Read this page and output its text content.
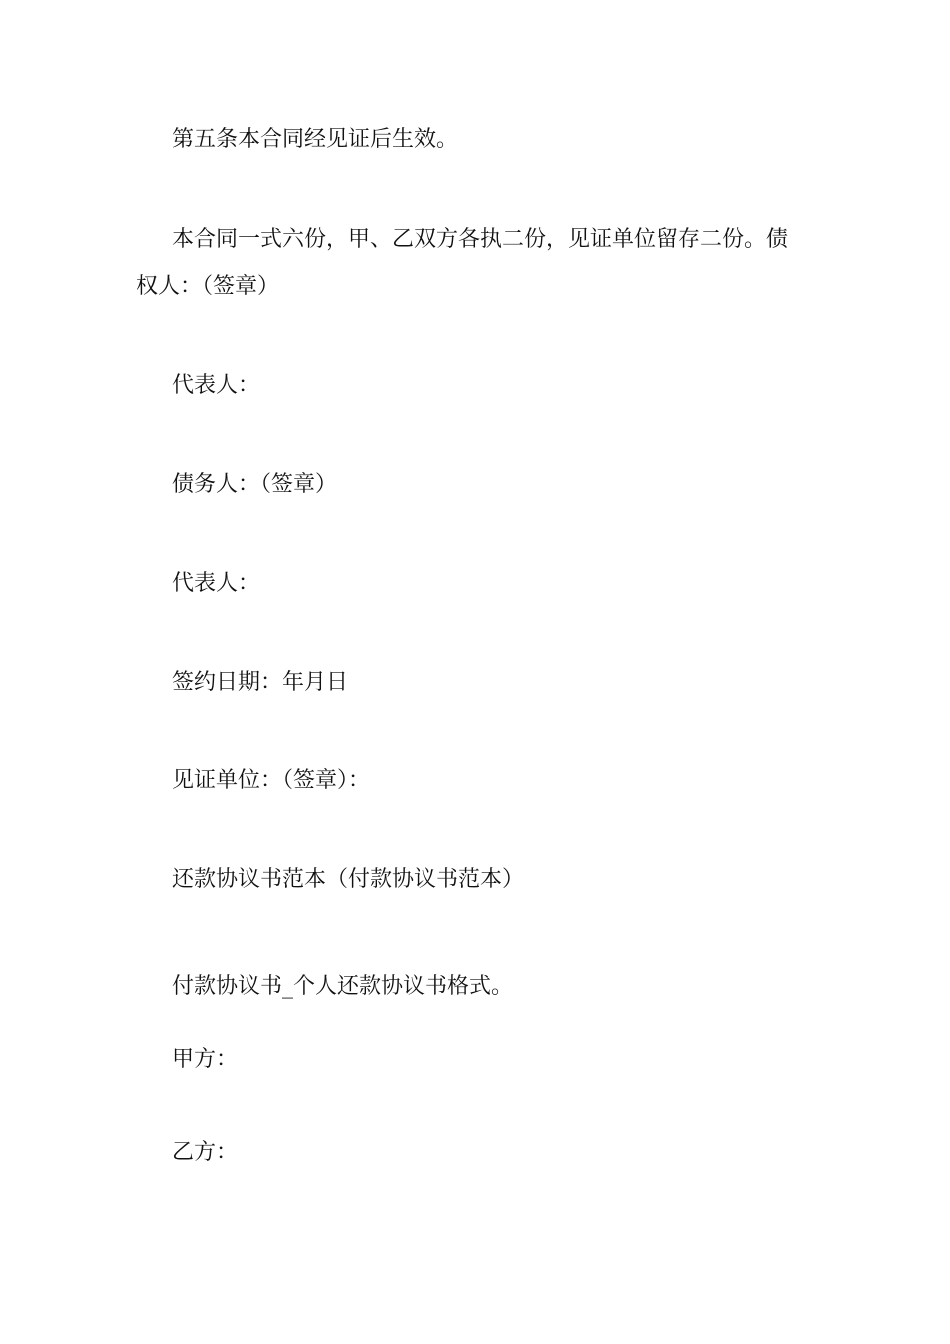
第五条本合同经见证后生效。
本合同一式六份，甲、乙双方各执二份，见证单位留存二份。债
权人：（签章）
代表人：
债务人：（签章）
代表人：
签约日期：年月日
见证单位：（签章）：
还款协议书范本（付款协议书范本）
付款协议书_个人还款协议书格式。
甲方：
乙方：
